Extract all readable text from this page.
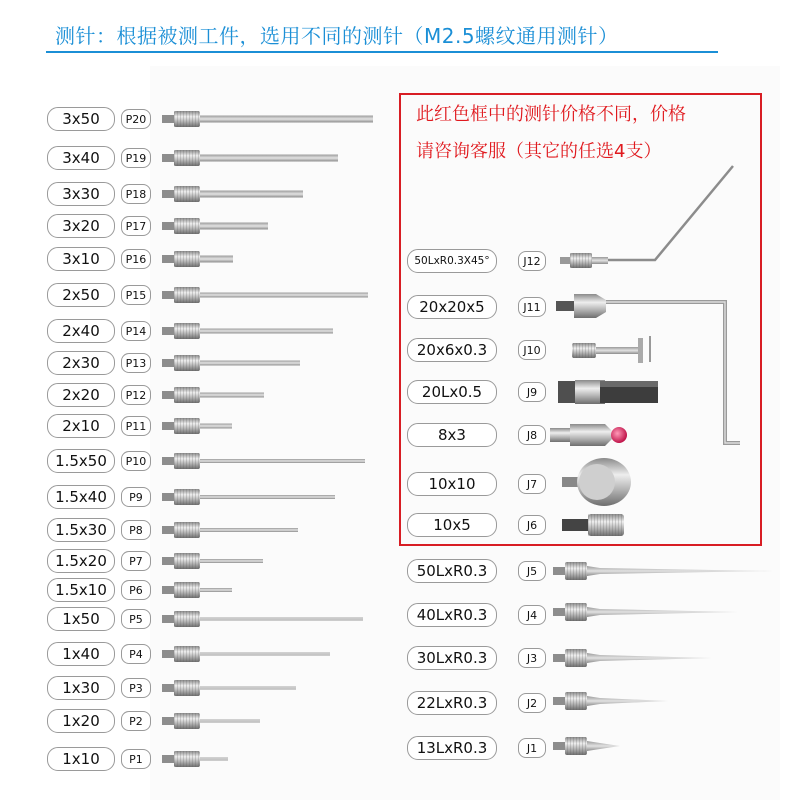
测针：根据被测工件，选用不同的测针（M2.5螺纹通用测针）
此红色框中的测针价格不同，价格
请咨询客服（其它的任选4支）
3x50	P20
3x40	P19
3x30	P18
3x20	P17
3x10	P16
2x50	P15
2x40	P14
2x30	P13
2x20	P12
2x10	P11
1.5x50	P10
1.5x40	P9
1.5x30	P8
1.5x20	P7
1.5x10	P6
1x50	P5
1x40	P4
1x30	P3
1x20	P2
1x10	P1
50LxR0.3X45°	J12
20x20x5	J11
20x6x0.3	J10
20Lx0.5	J9
8x3	J8
10x10	J7
10x5	J6
50LxR0.3	J5
40LxR0.3	J4
30LxR0.3	J3
22LxR0.3	J2
13LxR0.3	J1
